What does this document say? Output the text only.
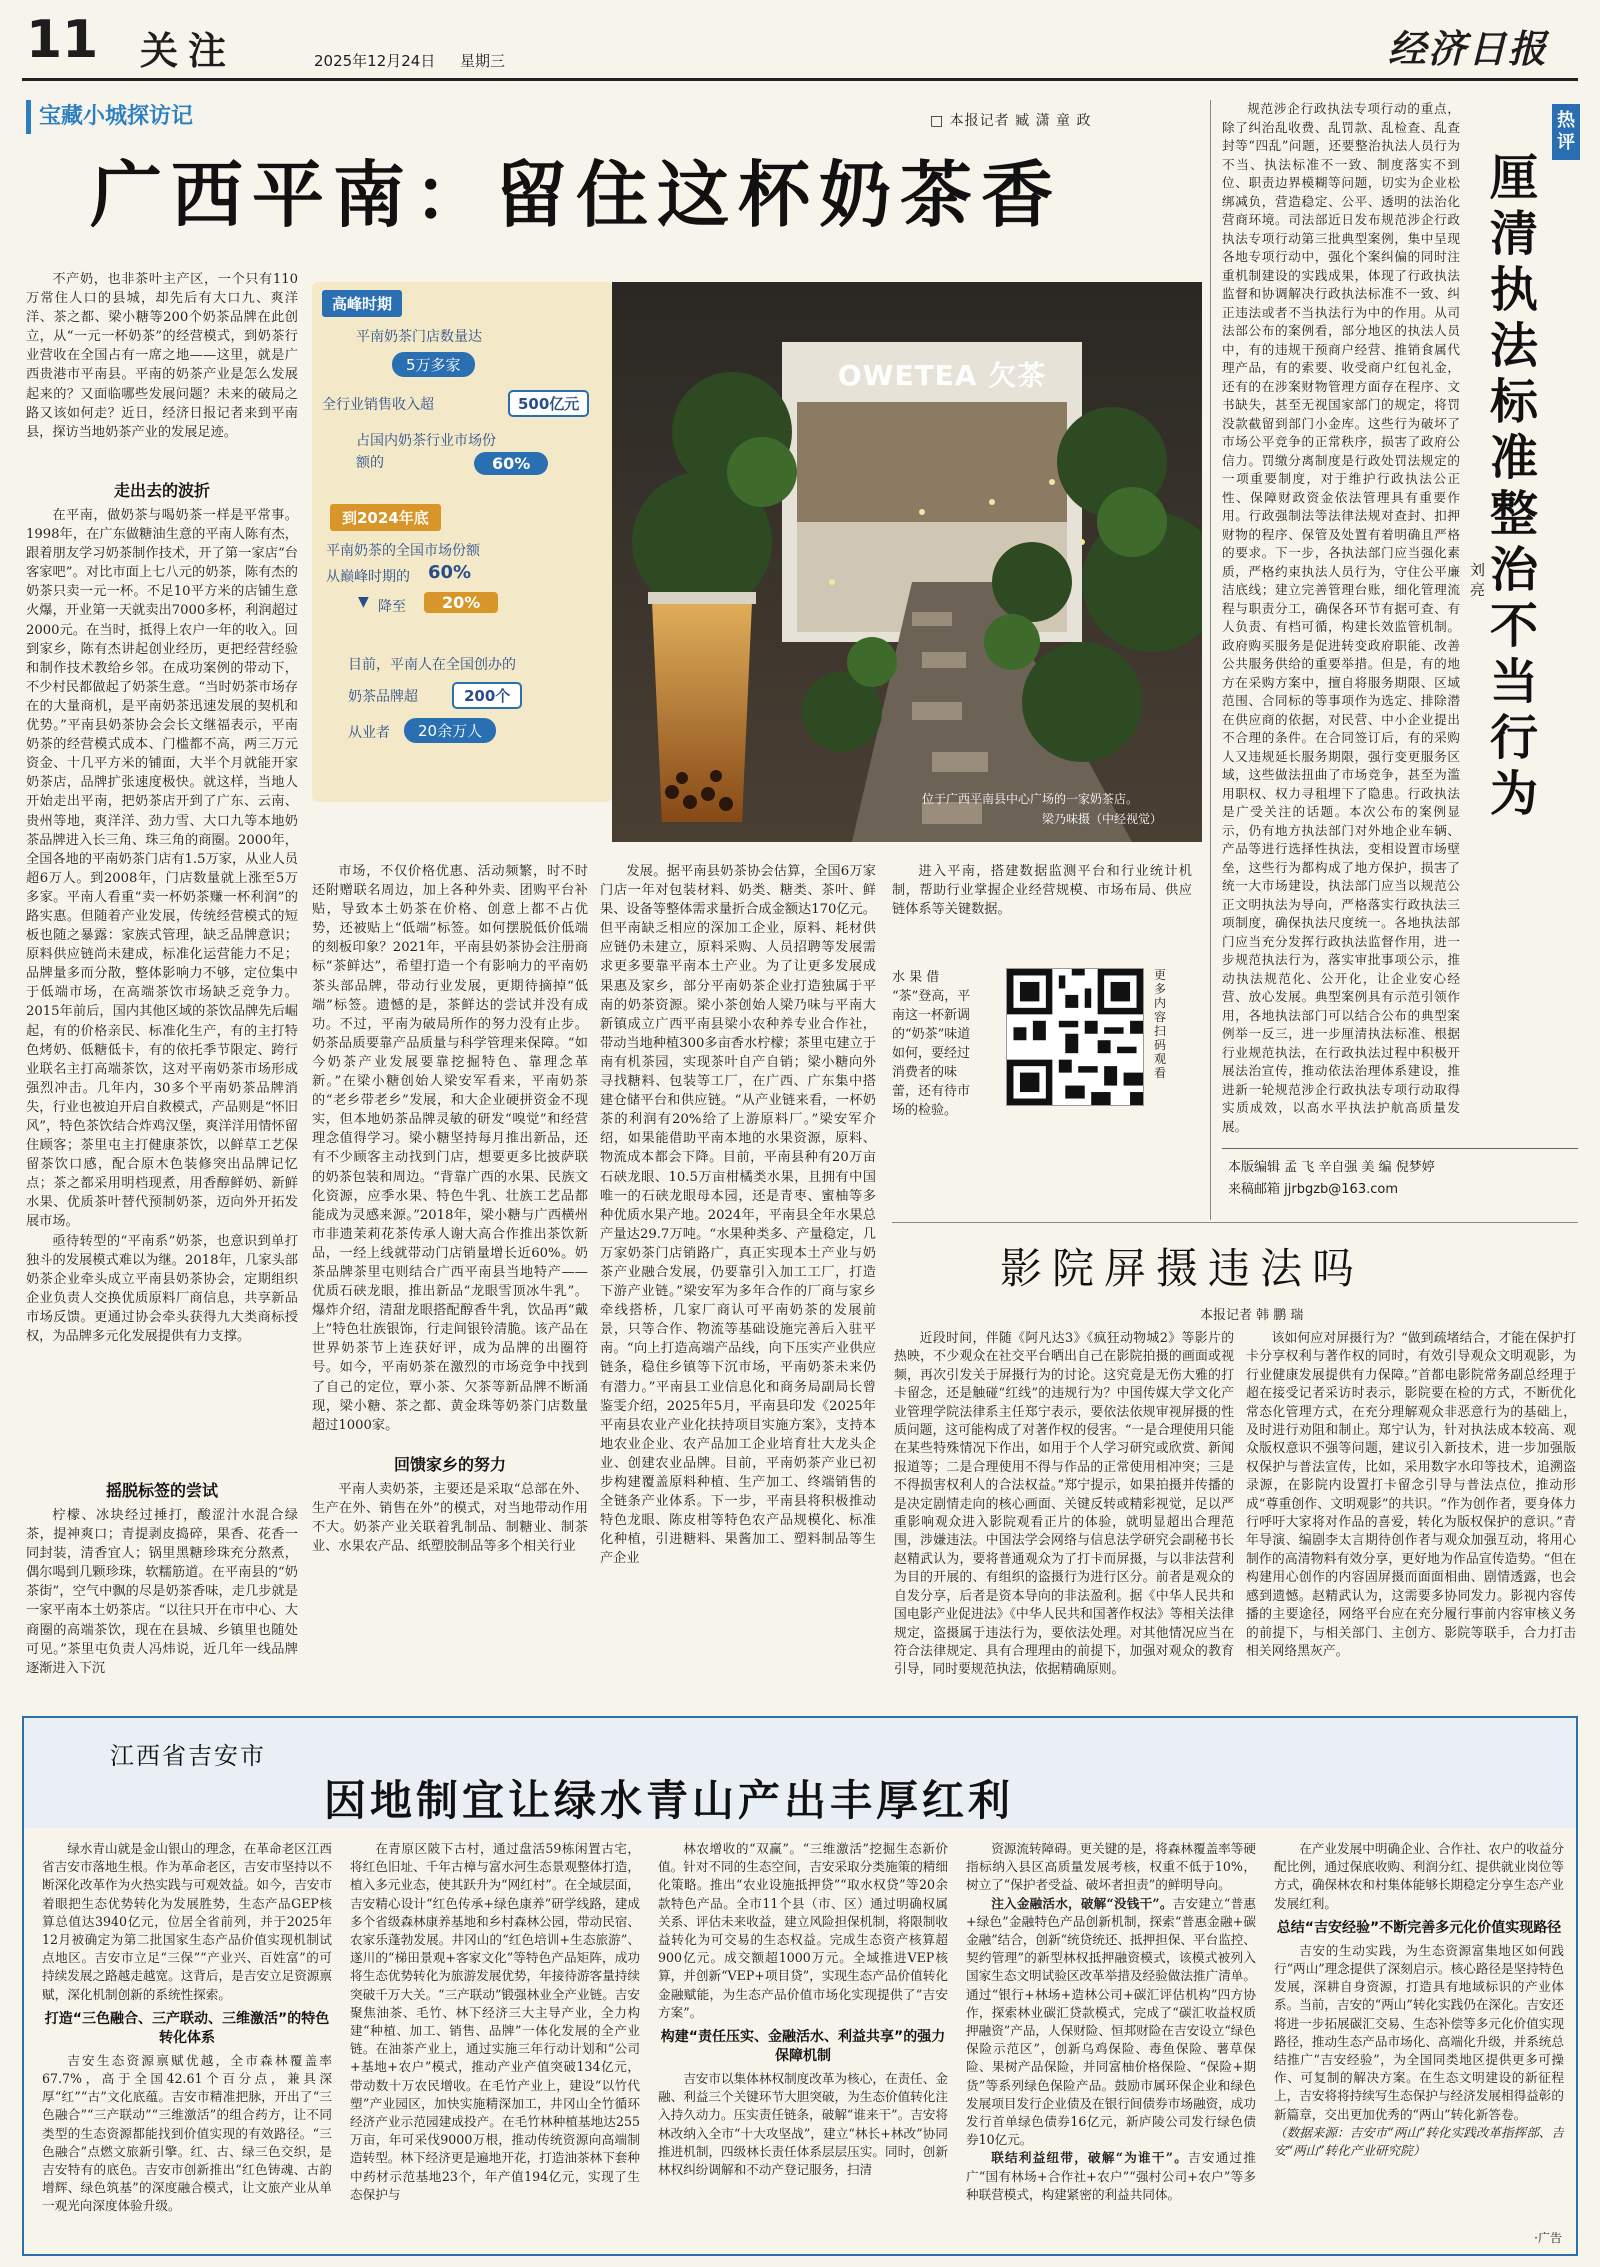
11 关注	2025年12月24日 星期三	经济日报
宝藏小城探访记	□ 本报记者 臧 潇 童 政
广西平南：留住这杯奶茶香

不产奶，也非茶叶主产区，一个只有110万常住人口的县城，却先后有大口九、爽洋洋、茶之都、梁小糖等200个奶茶品牌在此创立，从“一元一杯奶茶”的经营模式，到奶茶行业营收在全国占有一席之地——这里，就是广西贵港市平南县。平南的奶茶产业是怎么发展起来的？又面临哪些发展问题？未来的破局之路又该如何走？近日，经济日报记者来到平南县，探访当地奶茶产业的发展足迹。

走出去的波折

在平南，做奶茶与喝奶茶一样是平常事。1998年，在广东做糖油生意的平南人陈有杰，跟着朋友学习奶茶制作技术，开了第一家店“台客家吧”。对比市面上七八元的奶茶，陈有杰的奶茶只卖一元一杯。不足10平方米的店铺生意火爆，开业第一天就卖出7000多杯，利润超过2000元。在当时，抵得上农户一年的收入。回到家乡，陈有杰讲起创业经历，更把经营经验和制作技术教给乡邻。在成功案例的带动下，不少村民都做起了奶茶生意。“当时奶茶市场存在的大量商机，是平南奶茶迅速发展的契机和优势。”平南县奶茶协会会长文继福表示，平南奶茶的经营模式成本、门槛都不高，两三万元资金、十几平方米的铺面，大半个月就能开家奶茶店，品牌扩张速度极快。就这样，当地人开始走出平南，把奶茶店开到了广东、云南、贵州等地，爽洋洋、劲力雪、大口九等本地奶茶品牌进入长三角、珠三角的商圈。2000年，全国各地的平南奶茶门店有1.5万家，从业人员超6万人。到2008年，门店数量就上涨至5万多家。平南人看重“卖一杯奶茶赚一杯利润”的路实惠。但随着产业发展，传统经营模式的短板也随之暴露：家族式管理，缺乏品牌意识；原料供应链尚未建成，标准化运营能力不足；品牌量多而分散，整体影响力不够，定位集中于低端市场，在高端茶饮市场缺乏竞争力。2015年前后，国内其他区域的茶饮品牌先后崛起，有的价格亲民、标准化生产，有的主打特色烤奶、低糖低卡，有的依托季节限定、跨行业联名主打高端茶饮，这对平南奶茶市场形成强烈冲击。几年内，30多个平南奶茶品牌消失，行业也被迫开启自救模式，产品则是“怀旧风”，特色茶饮结合炸鸡汉堡，爽洋洋用情怀留住顾客；茶里屯主打健康茶饮，以鲜草工艺保留茶饮口感，配合原木色装修突出品牌记忆点；茶之都采用明档现煮，用香醇鲜奶、新鲜水果、优质茶叶替代预制奶茶，迈向外开拓发展市场。

亟待转型的“平南系”奶茶，也意识到单打独斗的发展模式难以为继。2018年，几家头部奶茶企业牵头成立平南县奶茶协会，定期组织企业负责人交换优质原料厂商信息，共享新品市场反馈。更通过协会牵头获得九大类商标授权，为品牌多元化发展提供有力支撑。

摇脱标签的尝试

柠檬、冰块经过捶打，酸涩汁水混合绿茶，提神爽口；青提剥皮捣碎，果香、花香一同封装，清香宜人；锅里黑糖珍珠充分熬煮，偶尔喝到几颗珍珠，软糯筋道。在平南县的“奶茶街”，空气中飘的尽是奶茶香味，走几步就是一家平南本土奶茶店。“以往只开在市中心、大商圈的高端茶饮，现在在县城、乡镇里也随处可见。”茶里屯负责人冯炜说，近几年一线品牌逐渐进入下沉

高峰时期
平南奶茶门店数量达
5万多家
全行业销售收入超	500亿元
占国内奶茶行业市场份额的	60%
到2024年底
平南奶茶的全国市场份额
从巅峰时期的 60%
▼ 降至	20%
目前，平南人在全国创办的
奶茶品牌超	200个
从业者	20余万人
OWETEA 欠茶
位于广西平南县中心广场的一家奶茶店。
梁乃味摄（中经视觉）

市场，不仅价格优惠、活动频繁，时不时还附赠联名周边，加上各种外卖、团购平台补贴，导致本土奶茶在价格、创意上都不占优势，还被贴上“低端”标签。如何摆脱低价低端的刻板印象？2021年，平南县奶茶协会注册商标“茶鲜达”，希望打造一个有影响力的平南奶茶头部品牌，带动行业发展，更期待摘掉“低端”标签。遗憾的是，茶鲜达的尝试并没有成功。不过，平南为破局所作的努力没有止步。奶茶品质要靠产品质量与科学管理来保障。“如今奶茶产业发展要靠挖掘特色、靠理念革新。”在梁小糖创始人梁安军看来，平南奶茶的“老乡带老乡”发展，和大企业硬拼资金不现实，但本地奶茶品牌灵敏的研发“嗅觉”和经营理念值得学习。梁小糖坚持每月推出新品，还有不少顾客主动找到门店，想要更多比披萨联的奶茶包装和周边。“背靠广西的水果、民族文化资源，应季水果、特色牛乳、壮族工艺品都能成为灵感来源。”2018年，梁小糖与广西横州市非遗茉莉花茶传承人谢大高合作推出茶饮新品，一经上线就带动门店销量增长近60%。奶茶品牌茶里屯则结合广西平南县当地特产——优质石硖龙眼，推出新品“龙眼雪顶冰牛乳”。爆炸介绍，清甜龙眼搭配醇香牛乳，饮品再“戴上”特色壮族银饰，行走间银铃清脆。该产品在世界奶茶节上连获好评，成为品牌的出圈符号。如今，平南奶茶在激烈的市场竞争中找到了自己的定位，覃小茶、欠茶等新品牌不断涌现，梁小糖、茶之都、黄金珠等奶茶门店数量超过1000家。

回馈家乡的努力

平南人卖奶茶，主要还是采取“总部在外、生产在外、销售在外”的模式，对当地带动作用不大。奶茶产业关联着乳制品、制糖业、制茶业、水果农产品、纸塑胶制品等多个相关行业

发展。据平南县奶茶协会估算，全国6万家门店一年对包装材料、奶类、糖类、茶叶、鲜果、设备等整体需求量折合成金额达170亿元。但平南缺乏相应的深加工企业，原料、耗材供应链仍未建立，原料采购、人员招聘等发展需求更多要靠平南本土产业。为了让更多发展成果惠及家乡，部分平南奶茶企业打造独属于平南的奶茶资源。梁小茶创始人梁乃味与平南大新镇成立广西平南县梁小农种养专业合作社，带动当地种植300多亩香水柠檬；茶里屯建立于南有机茶园，实现茶叶自产自销；梁小糖向外寻找糖料、包装等工厂，在广西、广东集中搭建仓储平台和供应链。“从产业链来看，一杯奶茶的利润有20%给了上游原料厂。”梁安军介绍，如果能借助平南本地的水果资源，原料、物流成本都会下降。目前，平南县种有20万亩石硖龙眼、10.5万亩柑橘类水果，且拥有中国唯一的石硖龙眼母本园，还是青枣、蜜柚等多种优质水果产地。2024年，平南县全年水果总产量达29.7万吨。“水果种类多、产量稳定，几万家奶茶门店销路广，真正实现本土产业与奶茶产业融合发展，仍要靠引入加工工厂，打造下游产业链。”梁安军为多年合作的厂商与家乡牵线搭桥，几家厂商认可平南奶茶的发展前景，只等合作、物流等基础设施完善后入驻平南。“向上打造高端产品线，向下压实产业供应链条，稳住乡镇等下沉市场，平南奶茶未来仍有潜力。”平南县工业信息化和商务局副局长曾鉴雯介绍，2025年5月，平南县印发《2025年平南县农业产业化扶持项目实施方案》，支持本地农业企业、农产品加工企业培育壮大龙头企业、创建农业品牌。目前，平南奶茶产业已初步构建覆盖原料种植、生产加工、终端销售的全链条产业体系。下一步，平南县将积极推动特色龙眼、陈皮柑等特色农产品规模化、标准化种植，引进糖料、果酱加工、塑料制品等生产企业

进入平南，搭建数据监测平台和行业统计机制，帮助行业掌握企业经营规模、市场布局、供应链体系等关键数据。

水 果 借
“茶”登高，平
南这一杯新调
的“奶茶”味道
如何，要经过
消费者的味
蕾，还有待市
场的检验。
更多内容 扫码观看

规范涉企行政执法专项行动的重点，除了纠治乱收费、乱罚款、乱检查、乱查封等“四乱”问题，还要整治执法人员行为不当、执法标准不一致、制度落实不到位、职责边界模糊等问题，切实为企业松绑减负，营造稳定、公平、透明的法治化营商环境。司法部近日发布规范涉企行政执法专项行动第三批典型案例，集中呈现各地专项行动中，强化个案纠偏的同时注重机制建设的实践成果，体现了行政执法监督和协调解决行政执法标准不一致、纠正违法或者不当执法行为中的作用。从司法部公布的案例看，部分地区的执法人员中，有的违规干预商户经营、推销食属代理产品，有的索要、收受商户红包礼金，还有的在涉案财物管理方面存在程序、文书缺失，甚至无视国家部门的规定，将罚没款截留到部门小金库。这些行为破坏了市场公平竞争的正常秩序，损害了政府公信力。罚缴分离制度是行政处罚法规定的一项重要制度，对于维护行政执法公正性、保障财政资金依法管理具有重要作用。行政强制法等法律法规对查封、扣押财物的程序、保管及处置有着明确且严格的要求。下一步，各执法部门应当强化素质，严格约束执法人员行为，守住公平廉洁底线；建立完善管理台账，细化管理流程与职责分工，确保各环节有据可查、有人负责、有档可循，构建长效监管机制。政府购买服务是促进转变政府职能、改善公共服务供给的重要举措。但是，有的地方在采购方案中，擅自将服务期限、区域范围、合同标的等事项作为选定、排除潜在供应商的依据，对民营、中小企业提出不合理的条件。在合同签订后，有的采购人又违规延长服务期限，强行变更服务区域，这些做法扭曲了市场竞争，甚至为滥用职权、权力寻租埋下了隐患。行政执法是广受关注的话题。本次公布的案例显示，仍有地方执法部门对外地企业车辆、产品等进行选择性执法，变相设置市场壁垒，这些行为都构成了地方保护，损害了统一大市场建设，执法部门应当以规范公正文明执法为导向，严格落实行政执法三项制度，确保执法尺度统一。各地执法部门应当充分发挥行政执法监督作用，进一步规范执法行为，落实审批事项公示，推动执法规范化、公开化，让企业安心经营、放心发展。典型案例具有示范引领作用，各地执法部门可以结合公布的典型案例举一反三，进一步厘清执法标准、根据行业规范执法，在行政执法过程中积极开展法治宣传，推动依法治理体系建设，推进新一轮规范涉企行政执法专项行动取得实质成效，以高水平执法护航高质量发展。

刘 亮
厘清执法标准 整治不当行为
热评
本版编辑 孟 飞 辛自强 美 编 倪梦婷
来稿邮箱 jjrbgzb@163.com
影院屏摄违法吗
本报记者 韩 鹏 瑞

近段时间，伴随《阿凡达3》《疯狂动物城2》等影片的热映，不少观众在社交平台晒出自己在影院拍摄的画面或视频，再次引发关于屏摄行为的讨论。这究竟是无伤大雅的打卡留念，还是触碰“红线”的违规行为？中国传媒大学文化产业管理学院法律系主任郑宁表示，要依法依规审视屏摄的性质问题，这可能构成了对著作权的侵害。“一是合理使用只能在某些特殊情况下作出，如用于个人学习研究或欣赏、新闻报道等；二是合理使用不得与作品的正常使用相冲突；三是不得损害权利人的合法权益。”郑宁提示，如果拍摄并传播的是决定剧情走向的核心画面、关键反转或精彩视觉，足以严重影响观众进入影院观看正片的体验，就明显超出合理范围，涉嫌违法。中国法学会网络与信息法学研究会副秘书长赵精武认为，要将普通观众为了打卡而屏摄，与以非法营利为目的开展的、有组织的盗摄行为进行区分。前者是观众的自发分享，后者是资本导向的非法盈利。据《中华人民共和国电影产业促进法》《中华人民共和国著作权法》等相关法律规定，盗摄属于违法行为，要依法处理。对其他情况应当在符合法律规定、具有合理理由的前提下，加强对观众的教育引导，同时要规范执法，依据精确原则。

该如何应对屏摄行为？“做到疏堵结合，才能在保护打卡分享权利与著作权的同时，有效引导观众文明观影，为行业健康发展提供有力保障。”首都电影院常务副总经理于超在接受记者采访时表示，影院要在检的方式，不断优化常态化管理方式，在充分理解观众非恶意行为的基础上，及时进行劝阻和制止。郑宁认为，针对执法成本较高、观众版权意识不强等问题，建议引入新技术，进一步加强版权保护与普法宣传，比如，采用数字水印等技术，追溯盗录源，在影院内设置打卡留念引导与普法点位，推动形成“尊重创作、文明观影”的共识。“作为创作者，要身体力行呼吁大家将对作品的喜爱，转化为版权保护的意识。”青年导演、编剧李太言期待创作者与观众加强互动，将用心制作的高清物料有效分享，更好地为作品宣传造势。“但在构建用心创作的内容固屏摄而面面相曲、剧情透露，也会感到遗憾。赵精武认为，这需要多协同发力。影视内容传播的主要途径，网络平台应在充分履行事前内容审核义务的前提下，与相关部门、主创方、影院等联手，合力打击相关网络黑灰产。

江西省吉安市
因地制宜让绿水青山产出丰厚红利

绿水青山就是金山银山的理念，在革命老区江西省吉安市落地生根。作为革命老区，吉安市坚持以不断深化改革作为火热实践与可观效益。如今，吉安市着眼把生态优势转化为发展胜势，生态产品GEP核算总值达3940亿元，位居全省前列，并于2025年12月被确定为第二批国家生态产品价值实现机制试点地区。吉安市立足“三保”“产业兴、百姓富”的可持续发展之路越走越宽。这背后，是吉安立足资源禀赋，深化机制创新的系统性探索。

打造“三色融合、三产联动、三维激活”的特色转化体系

吉安生态资源禀赋优越，全市森林覆盖率67.7%，高于全国42.61个百分点，兼具深厚“红”“古”文化底蕴。吉安市精准把脉，开出了“三色融合”“三产联动”“三维激活”的组合药方，让不同类型的生态资源都能找到价值实现的有效路径。“三色融合”点燃文旅新引擎。红、古、绿三色交织，是吉安特有的底色。吉安市创新推出“红色铸魂、古韵增辉、绿色筑基”的深度融合模式，让文旅产业从单一观光向深度体验升级。

在青原区陂下古村，通过盘活59栋闲置古宅，将红色旧址、千年古樟与富水河生态景观整体打造，植入多元业态，使其跃升为“网红村”。在全域层面，吉安精心设计“红色传承+绿色康养”研学线路，建成多个省级森林康养基地和乡村森林公园，带动民宿、农家乐蓬勃发展。井冈山的“红色培训+生态旅游”、遂川的“梯田景观+客家文化”等特色产品矩阵，成功将生态优势转化为旅游发展优势，年接待游客量持续突破千万大关。“三产联动”锻强林业全产业链。吉安聚焦油茶、毛竹、林下经济三大主导产业，全力构建“种植、加工、销售、品牌”一体化发展的全产业链。在油茶产业上，通过实施三年行动计划和“公司+基地+农户”模式，推动产业产值突破134亿元，带动数十万农民增收。在毛竹产业上，建设“以竹代塑”产业园区，加快实施精深加工，井冈山全竹循环经济产业示范园建成投产。在毛竹林种植基地达255万亩，年可采伐9000万根，推动传统资源向高端制造转型。林下经济更是遍地开花，打造油茶林下套种中药材示范基地23个，年产值194亿元，实现了生态保护与

林农增收的“双赢”。“三维激活”挖掘生态新价值。针对不同的生态空间，吉安采取分类施策的精细化策略。推出“农业设施抵押贷”“取水权贷”等20余款特色产品。全市11个县（市、区）通过明确权属关系、评估未来收益，建立风险担保机制，将限制收益转化为可交易的生态权益。完成生态资产核算超900亿元。成交额超1000万元。全域推进VEP核算，并创新“VEP+项目贷”，实现生态产品价值转化金融赋能，为生态产品价值市场化实现提供了“吉安方案”。

构建“责任压实、金融活水、利益共享”的强力保障机制

吉安市以集体林权制度改革为核心，在责任、金融、利益三个关键环节大胆突破，为生态价值转化注入持久动力。压实责任链条，破解“谁来干”。吉安将林改纳入全市“十大攻坚战”，建立“林长+林改”协同推进机制，四级林长责任体系层层压实。同时，创新林权纠纷调解和不动产登记服务，扫清

资源流转障碍。更关键的是，将森林覆盖率等硬指标纳入县区高质量发展考核，权重不低于10%，树立了“保护者受益、破坏者担责”的鲜明导向。

注入金融活水，破解“没钱干”。吉安建立“普惠+绿色”金融特色产品创新机制，探索“普惠金融+碳金融”结合，创新“统贷统还、抵押担保、平台监控、契约管理”的新型林权抵押融资模式，该模式被列入国家生态文明试验区改革举措及经验做法推广清单。通过“银行+林场+造林公司+碳汇评估机构”四方协作，探索林业碳汇贷款模式，完成了“碳汇收益权质押融资”产品，人保财险、恒邦财险在吉安设立“绿色保险示范区”，创新乌鸡保险、毒鱼保险、薯草保险、果树产品保险，并同富柚价格保险、“保险+期货”等系列绿色保险产品。鼓励市属环保企业和绿色发展项目发行企业债及在银行间债券市场融资，成功发行首单绿色债券16亿元，新庐陵公司发行绿色债券10亿元。

联结利益纽带，破解“为谁干”。吉安通过推广“国有林场+合作社+农户”“强村公司+农户”等多种联营模式，构建紧密的利益共同体。

在产业发展中明确企业、合作社、农户的收益分配比例，通过保底收购、利润分红、提供就业岗位等方式，确保林农和村集体能够长期稳定分享生态产业发展红利。

总结“吉安经验”不断完善多元化价值实现路径

吉安的生动实践，为生态资源富集地区如何践行“两山”理念提供了深刻启示。核心路径是坚持特色发展，深耕自身资源，打造具有地域标识的产业体系。当前，吉安的“两山”转化实践仍在深化。吉安还将进一步拓展碳汇交易、生态补偿等多元化价值实现路径，推动生态产品市场化、高端化升级，并系统总结推广“吉安经验”，为全国同类地区提供更多可操作、可复制的解决方案。在生态文明建设的新征程上，吉安将将持续写生态保护与经济发展相得益彰的新篇章，交出更加优秀的“两山”转化新答卷。

（数据来源：吉安市“两山”转化实践改革指挥部、吉安“两山”转化产业研究院）

·广告
